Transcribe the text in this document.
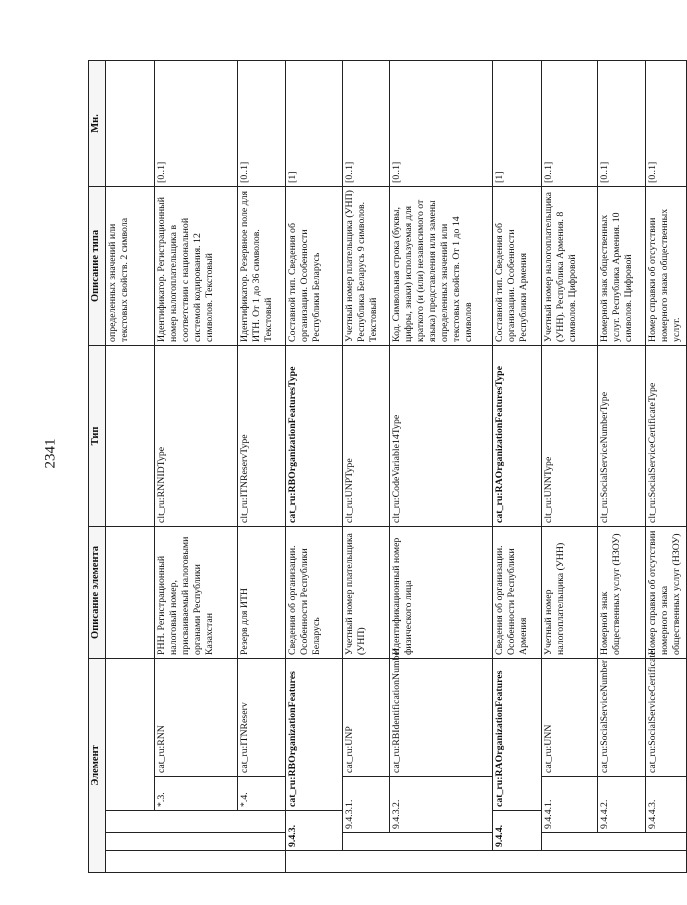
2341
Элемент					Описание элемента	Тип	Описание типа	Мн.
							определенных значений или текстовых свойств. 2 символа	
			*.3.	cat_ru:RNN	РНН. Регистрационный налоговый номер, присваиваемый налоговыми органами Республики Казахстан	clt_ru:RNNIDType	Идентификатор. Регистрационный номер налогоплательщика в соответствии с национальной системой кодирования. 12 символов. Текстовый	[0..1]
			*.4.	cat_ru:ITNReserv	Резерв для ИТН	clt_ru:ITNReservType	Идентификатор. Резервное поле для ИТН. От 1 до 36 символов. Текстовый	[0..1]
	9.4.3.		cat_ru:RBOrganizationFeatures		Сведения об организации. Особенности Республики Беларусь	cat_ru:RBOrganizationFeaturesType	Составной тип. Сведения об организации. Особенности Республики Беларусь	[1]
		9.4.3.1.		cat_ru:UNP	Учетный номер плательщика (УНП)	clt_ru:UNPType	Учетный номер плательщика (УНП) Республика Беларусь 9 символов. Текстовый	[0..1]
		9.4.3.2.		cat_ru:RBIdentificationNumber	Идентификационный номер физического лица	clt_ru:CodeVariable14Type	Код. Символьная строка (буквы, цифры, знаки) используемая для краткого (и (или) независимого от языка) представления или замены определенных значений или текстовых свойств. От 1 до 14 символов	[0..1]
	9.4.4.		cat_ru:RAOrganizationFeatures		Сведения об организации. Особенности Республики Армения	cat_ru:RAOrganizationFeaturesType	Составной тип. Сведения об организации. Особенности Республики Армения	[1]
		9.4.4.1.		cat_ru:UNN	Учетный номер налогоплательщика (УНН)	clt_ru:UNNType	Учетный номер налогоплательщика (УНН). Республика Армения. 8 символов. Цифровой	[0..1]
		9.4.4.2.		cat_ru:SocialServiceNumber	Номерной знак общественных услуг (НЗОУ)	clt_ru:SocialServiceNumberType	Номерной знак общественных услуг. Республика Армения. 10 символов. Цифровой	[0..1]
		9.4.4.3.		cat_ru:SocialServiceCertificate	Номер справки об отсутствии номерного знака общественных услуг (НЗОУ)	clt_ru:SocialServiceCertificateType	Номер справки об отсутствии номерного знака общественных услуг.	[0..1]
